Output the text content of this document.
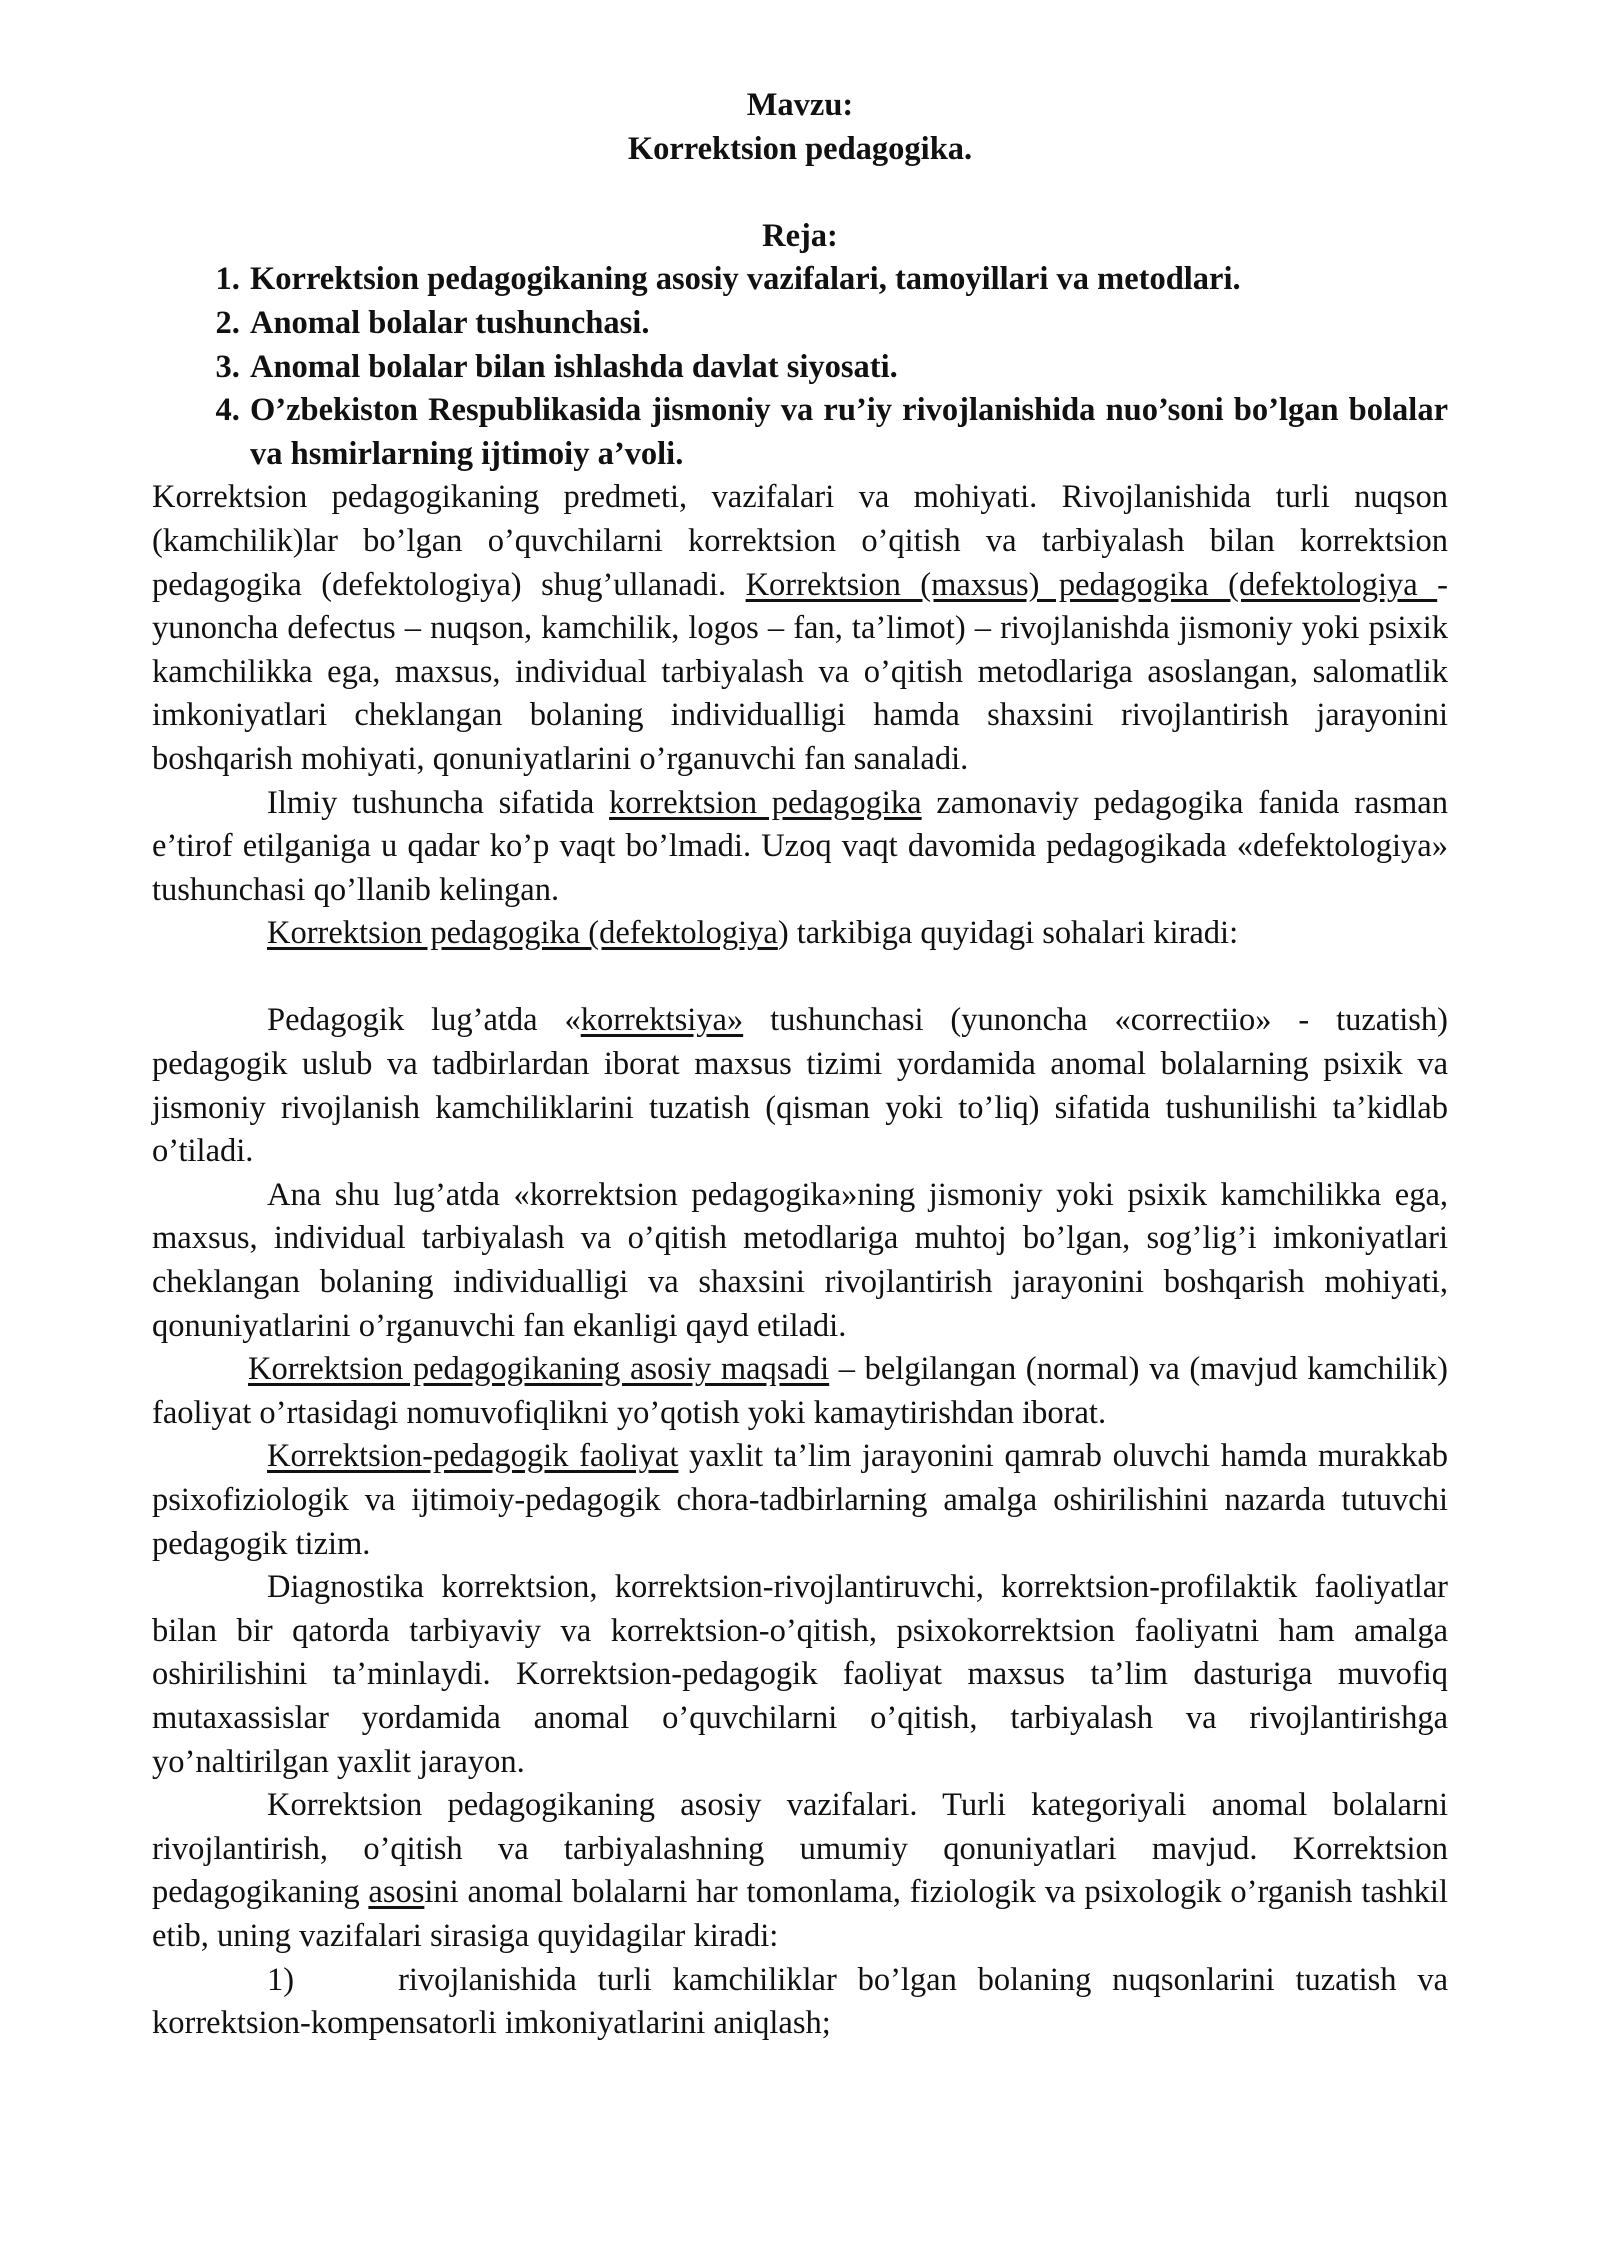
Mavzu:
Korrektsion pedagogika.
Reja:
1. Korrektsion pedagogikaning asosiy vazifalari, tamoyillari va metodlari.
2. Anomal bolalar tushunchasi.
3. Anomal bolalar bilan ishlashda davlat siyosati.
4. O’zbekiston Respublikasida jismoniy va ru’iy rivojlanishida nuo’soni bo’lgan bolalar va hsmirlarning ijtimoiy a’voli.

Korrektsion pedagogikaning predmeti, vazifalari va mohiyati. Rivojlanishida turli nuqson (kamchilik)lar bo’lgan o’quvchilarni korrektsion o’qitish va tarbiyalash bilan korrektsion pedagogika (defektologiya) shug’ullanadi. Korrektsion (maxsus) pedagogika (defektologiya - yunoncha defectus – nuqson, kamchilik, logos – fan, ta’limot) – rivojlanishda jismoniy yoki psixik kamchilikka ega, maxsus, individual tarbiyalash va o’qitish metodlariga asoslangan, salomatlik imkoniyatlari cheklangan bolaning individualligi hamda shaxsini rivojlantirish jarayonini boshqarish mohiyati, qonuniyatlarini o’rganuvchi fan sanaladi.

Ilmiy tushuncha sifatida korrektsion pedagogika zamonaviy pedagogika fanida rasman e’tirof etilganiga u qadar ko’p vaqt bo’lmadi. Uzoq vaqt davomida pedagogikada «defektologiya» tushunchasi qo’llanib kelingan.

Korrektsion pedagogika (defektologiya) tarkibiga quyidagi sohalari kiradi:

Pedagogik lug’atda «korrektsiya» tushunchasi (yunoncha «correctiio» - tuzatish) pedagogik uslub va tadbirlardan iborat maxsus tizimi yordamida anomal bolalarning psixik va jismoniy rivojlanish kamchiliklarini tuzatish (qisman yoki to’liq) sifatida tushunilishi ta’kidlab o’tiladi.

Ana shu lug’atda «korrektsion pedagogika»ning jismoniy yoki psixik kamchilikka ega, maxsus, individual tarbiyalash va o’qitish metodlariga muhtoj bo’lgan, sog’lig’i imkoniyatlari cheklangan bolaning individualligi va shaxsini rivojlantirish jarayonini boshqarish mohiyati, qonuniyatlarini o’rganuvchi fan ekanligi qayd etiladi.

Korrektsion pedagogikaning asosiy maqsadi – belgilangan (normal) va (mavjud kamchilik) faoliyat o’rtasidagi nomuvofiqlikni yo’qotish yoki kamaytirishdan iborat.

Korrektsion-pedagogik faoliyat yaxlit ta’lim jarayonini qamrab oluvchi hamda murakkab psixofiziologik va ijtimoiy-pedagogik chora-tadbirlarning amalga oshirilishini nazarda tutuvchi pedagogik tizim.

Diagnostika korrektsion, korrektsion-rivojlantiruvchi, korrektsion-profilaktik faoliyatlar bilan bir qatorda tarbiyaviy va korrektsion-o’qitish, psixokorrektsion faoliyatni ham amalga oshirilishini ta’minlaydi. Korrektsion-pedagogik faoliyat maxsus ta’lim dasturiga muvofiq mutaxassislar yordamida anomal o’quvchilarni o’qitish, tarbiyalash va rivojlantirishga yo’naltirilgan yaxlit jarayon.

Korrektsion pedagogikaning asosiy vazifalari. Turli kategoriyali anomal bolalarni rivojlantirish, o’qitish va tarbiyalashning umumiy qonuniyatlari mavjud. Korrektsion pedagogikaning asosini anomal bolalarni har tomonlama, fiziologik va psixologik o’rganish tashkil etib, uning vazifalari sirasiga quyidagilar kiradi:

1)	rivojlanishida turli kamchiliklar bo’lgan bolaning nuqsonlarini tuzatish va korrektsion-kompensatorli imkoniyatlarini aniqlash;
